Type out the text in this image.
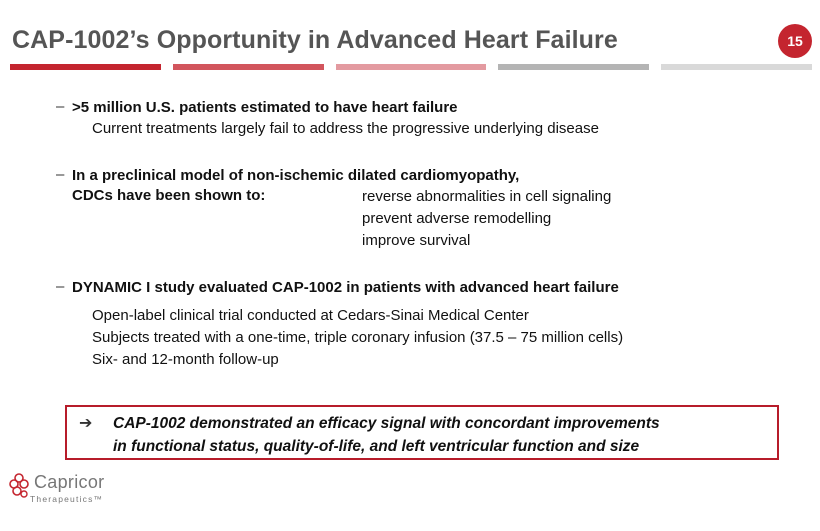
CAP-1002’s Opportunity in Advanced Heart Failure	15
– >5 million U.S. patients estimated to have heart failure
Current treatments largely fail to address the progressive underlying disease
– In a preclinical model of non-ischemic dilated cardiomyopathy,
CDCs have been shown to:	reverse abnormalities in cell signaling
prevent adverse remodelling
improve survival
– DYNAMIC I study evaluated CAP-1002 in patients with advanced heart failure
Open-label clinical trial conducted at Cedars-Sinai Medical Center
Subjects treated with a one-time, triple coronary infusion (37.5 – 75 million cells)
Six- and 12-month follow-up
➔ CAP-1002 demonstrated an efficacy signal with concordant improvements
in functional status, quality-of-life, and left ventricular function and size
Capricor
Therapeutics™
